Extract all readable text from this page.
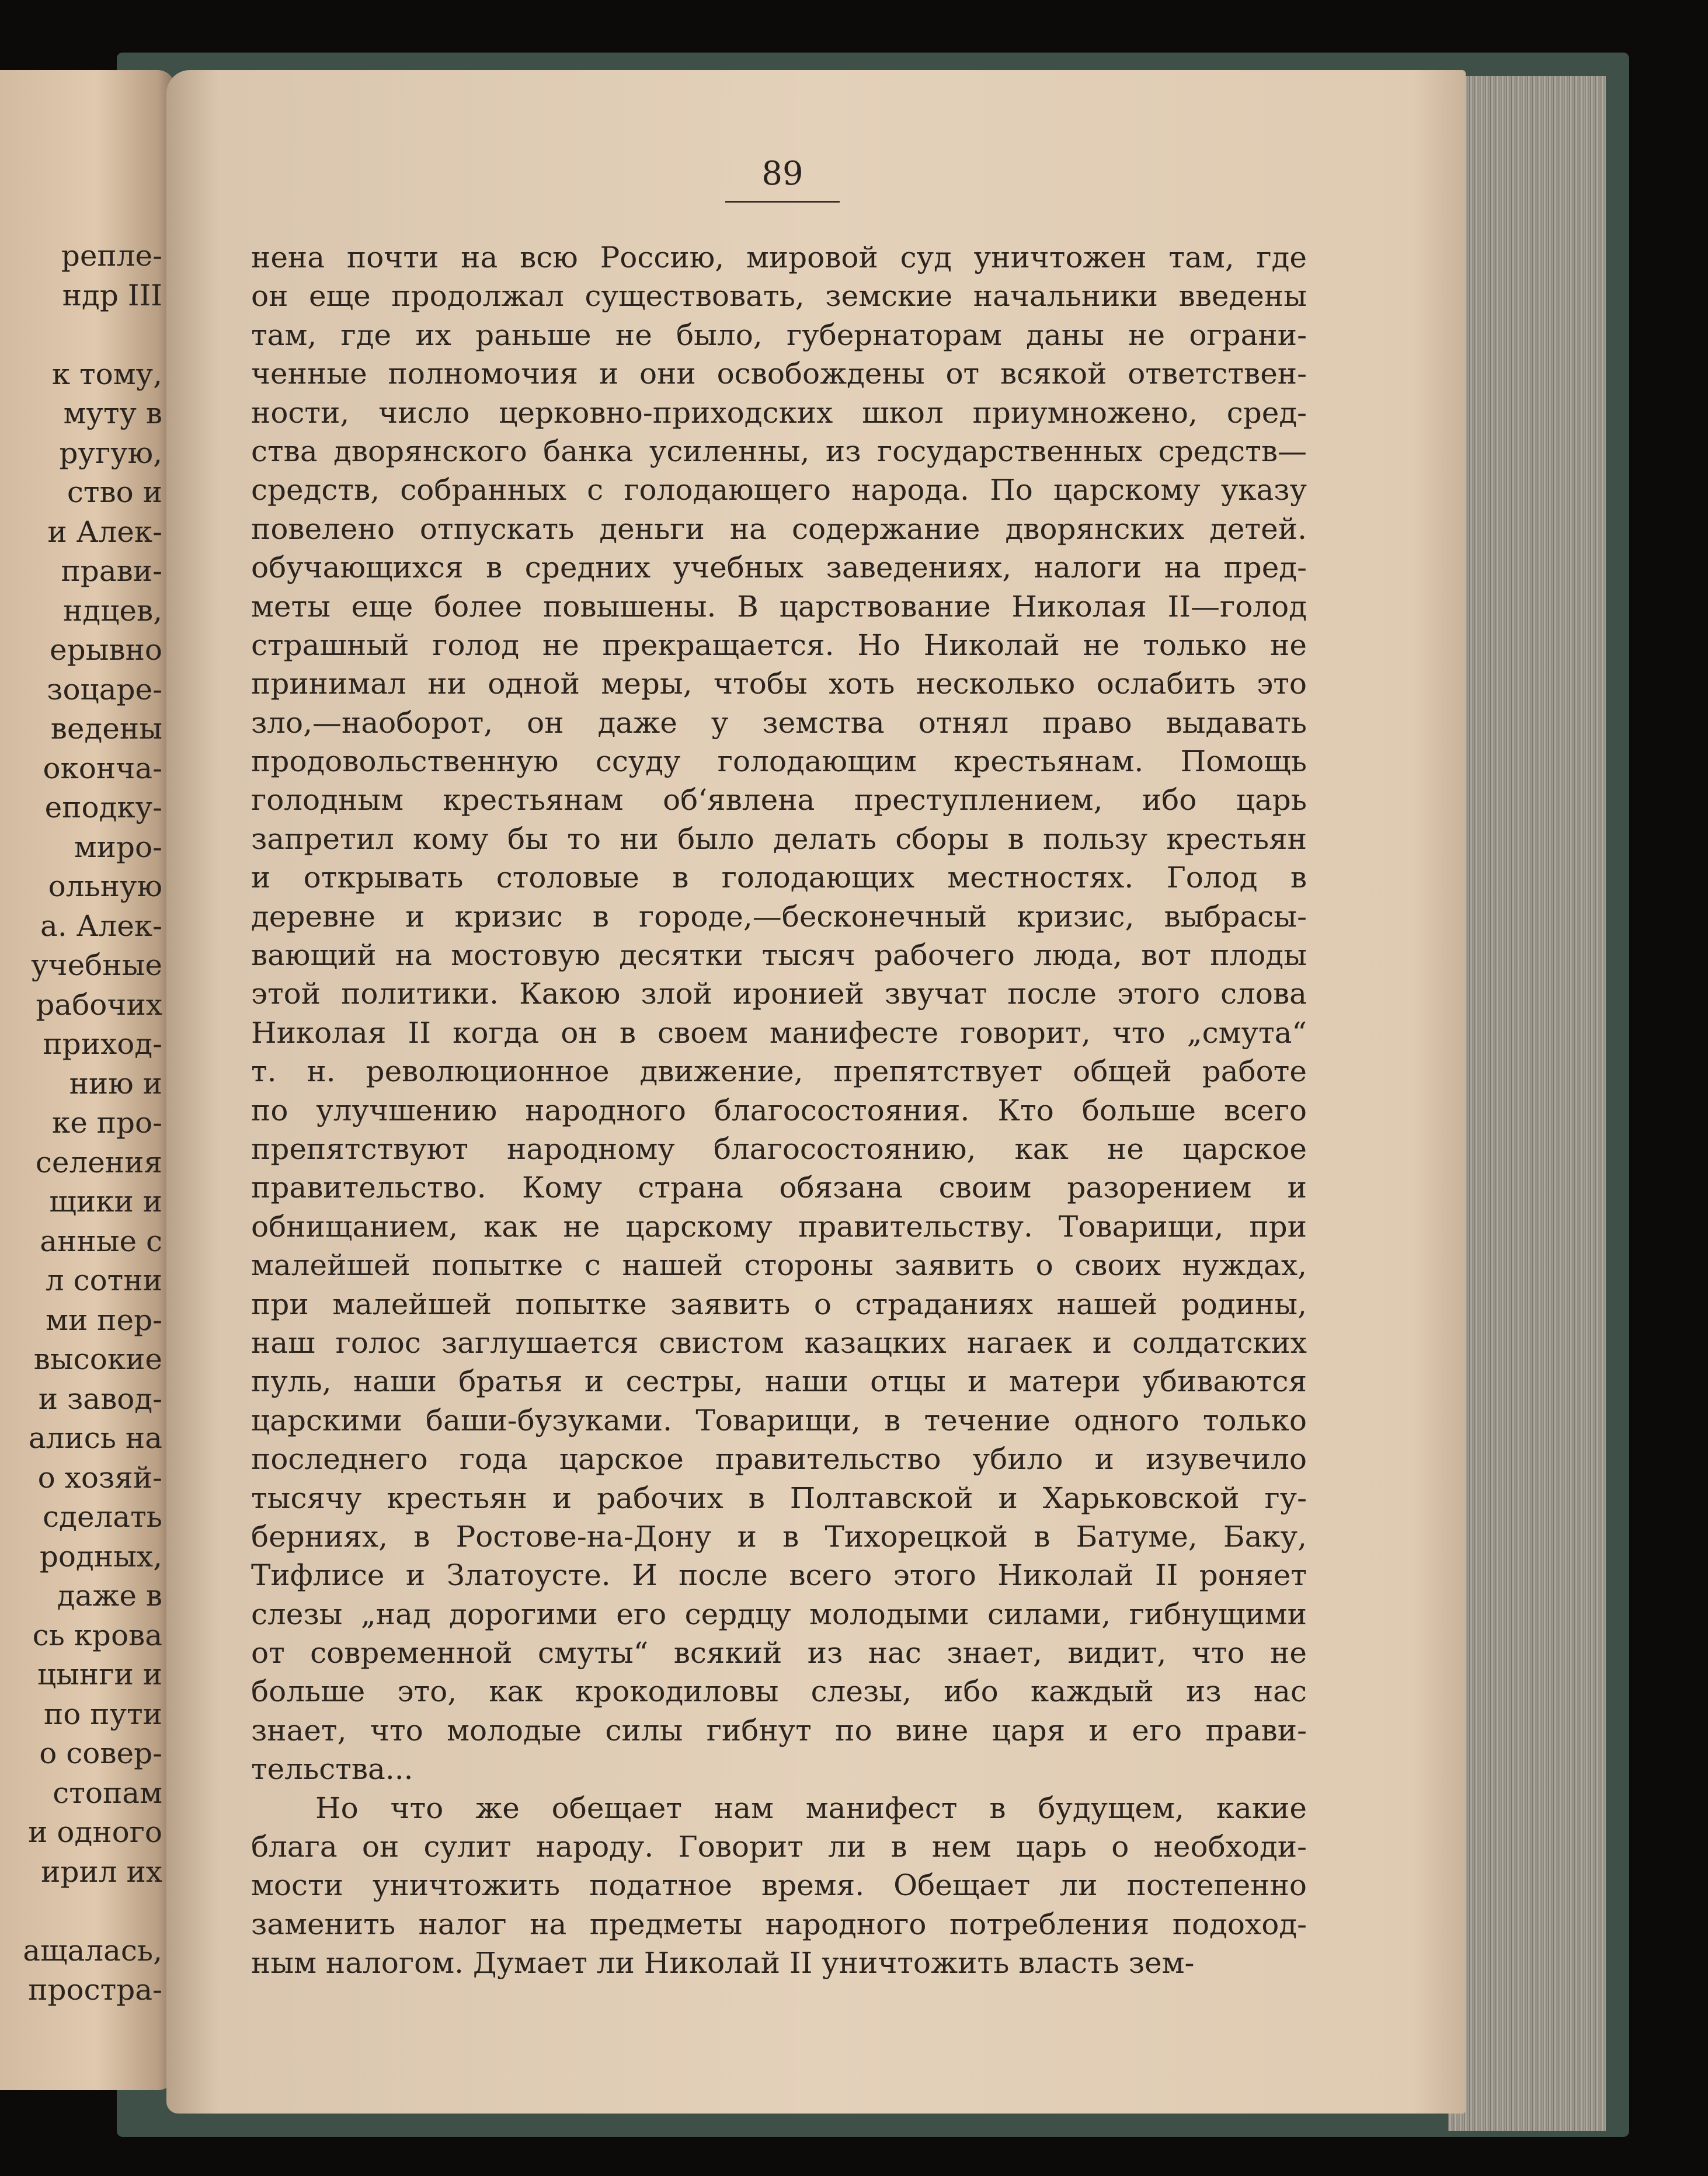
репле-
ндр III
к тому,
муту в
ругую,
ство и
и Алек-
прави-
ндцев,
ерывно
зоцаре-
ведены
оконча-
еподку-
миро-
ольную
а. Алек-
учебные
рабочих
приход-
нию и
ке про-
селения
щики и
анные с
л сотни
ми пер-
высокие
и завод-
ались на
о хозяй-
сделать
родных,
даже в
сь крова
цынги и
по пути
о совер-
стопам
и одного
ирил их
ащалась,
простра-
89
нена почти на всю Россию, мировой суд уничтожен там, где
он еще продолжал существовать, земские начальники введены
там, где их раньше не было, губернаторам даны не ограни-
ченные полномочия и они освобождены от всякой ответствен-
ности, число церковно-приходских школ приумножено, сред-
ства дворянского банка усиленны, из государственных средств—
средств, собранных с голодающего народа. По царскому указу
повелено отпускать деньги на содержание дворянских детей.
обучающихся в средних учебных заведениях, налоги на пред-
меты еще более повышены. В царствование Николая II—голод
страшный голод не прекращается. Но Николай не только не
принимал ни одной меры, чтобы хоть несколько ослабить это
зло,—наоборот, он даже у земства отнял право выдавать
продовольственную ссуду голодающим крестьянам. Помощь
голодным крестьянам об‘явлена преступлением, ибо царь
запретил кому бы то ни было делать сборы в пользу крестьян
и открывать столовые в голодающих местностях. Голод в
деревне и кризис в городе,—бесконечный кризис, выбрасы-
вающий на мостовую десятки тысяч рабочего люда, вот плоды
этой политики. Какою злой иронией звучат после этого слова
Николая II когда он в своем манифесте говорит, что „смута“
т. н. революционное движение, препятствует общей работе
по улучшению народного благосостояния. Кто больше всего
препятствуют народному благосостоянию, как не царское
правительство. Кому страна обязана своим разорением и
обнищанием, как не царскому правительству. Товарищи, при
малейшей попытке с нашей стороны заявить о своих нуждах,
при малейшей попытке заявить о страданиях нашей родины,
наш голос заглушается свистом казацких нагаек и солдатских
пуль, наши братья и сестры, наши отцы и матери убиваются
царскими баши-бузуками. Товарищи, в течение одного только
последнего года царское правительство убило и изувечило
тысячу крестьян и рабочих в Полтавской и Харьковской гу-
берниях, в Ростове-на-Дону и в Тихорецкой в Батуме, Баку,
Тифлисе и Златоусте. И после всего этого Николай II роняет
слезы „над дорогими его сердцу молодыми силами, гибнущими
от современной смуты“ всякий из нас знает, видит, что не
больше это, как крокодиловы слезы, ибо каждый из нас
знает, что молодые силы гибнут по вине царя и его прави-
тельства...
Но что же обещает нам манифест в будущем, какие
блага он сулит народу. Говорит ли в нем царь о необходи-
мости уничтожить податное время. Обещает ли постепенно
заменить налог на предметы народного потребления подоход-
ным налогом. Думает ли Николай II уничтожить власть зем-
